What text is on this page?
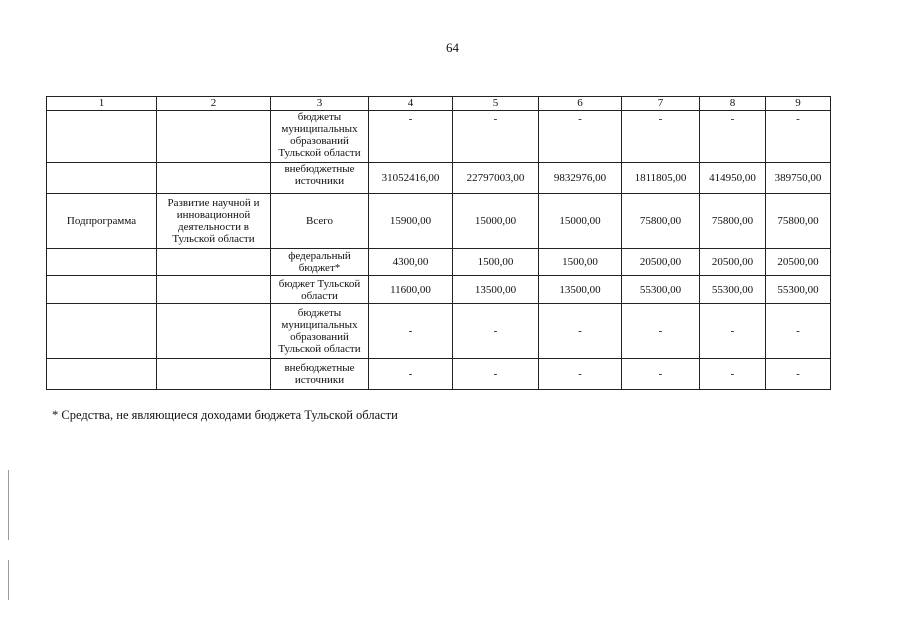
64
1	2	3	4	5	6	7	8	9
		бюджеты муниципальных образований Тульской области	-	-	-	-	-	-
		внебюджетные источники	31052416,00	22797003,00	9832976,00	1811805,00	414950,00	389750,00
Подпрограмма	Развитие научной и инновационной деятельности в Тульской области	Всего	15900,00	15000,00	15000,00	75800,00	75800,00	75800,00
		федеральный бюджет*	4300,00	1500,00	1500,00	20500,00	20500,00	20500,00
		бюджет Тульской области	11600,00	13500,00	13500,00	55300,00	55300,00	55300,00
		бюджеты муниципальных образований Тульской области	-	-	-	-	-	-
		внебюджетные источники	-	-	-	-	-	-
* Средства, не являющиеся доходами бюджета Тульской области
